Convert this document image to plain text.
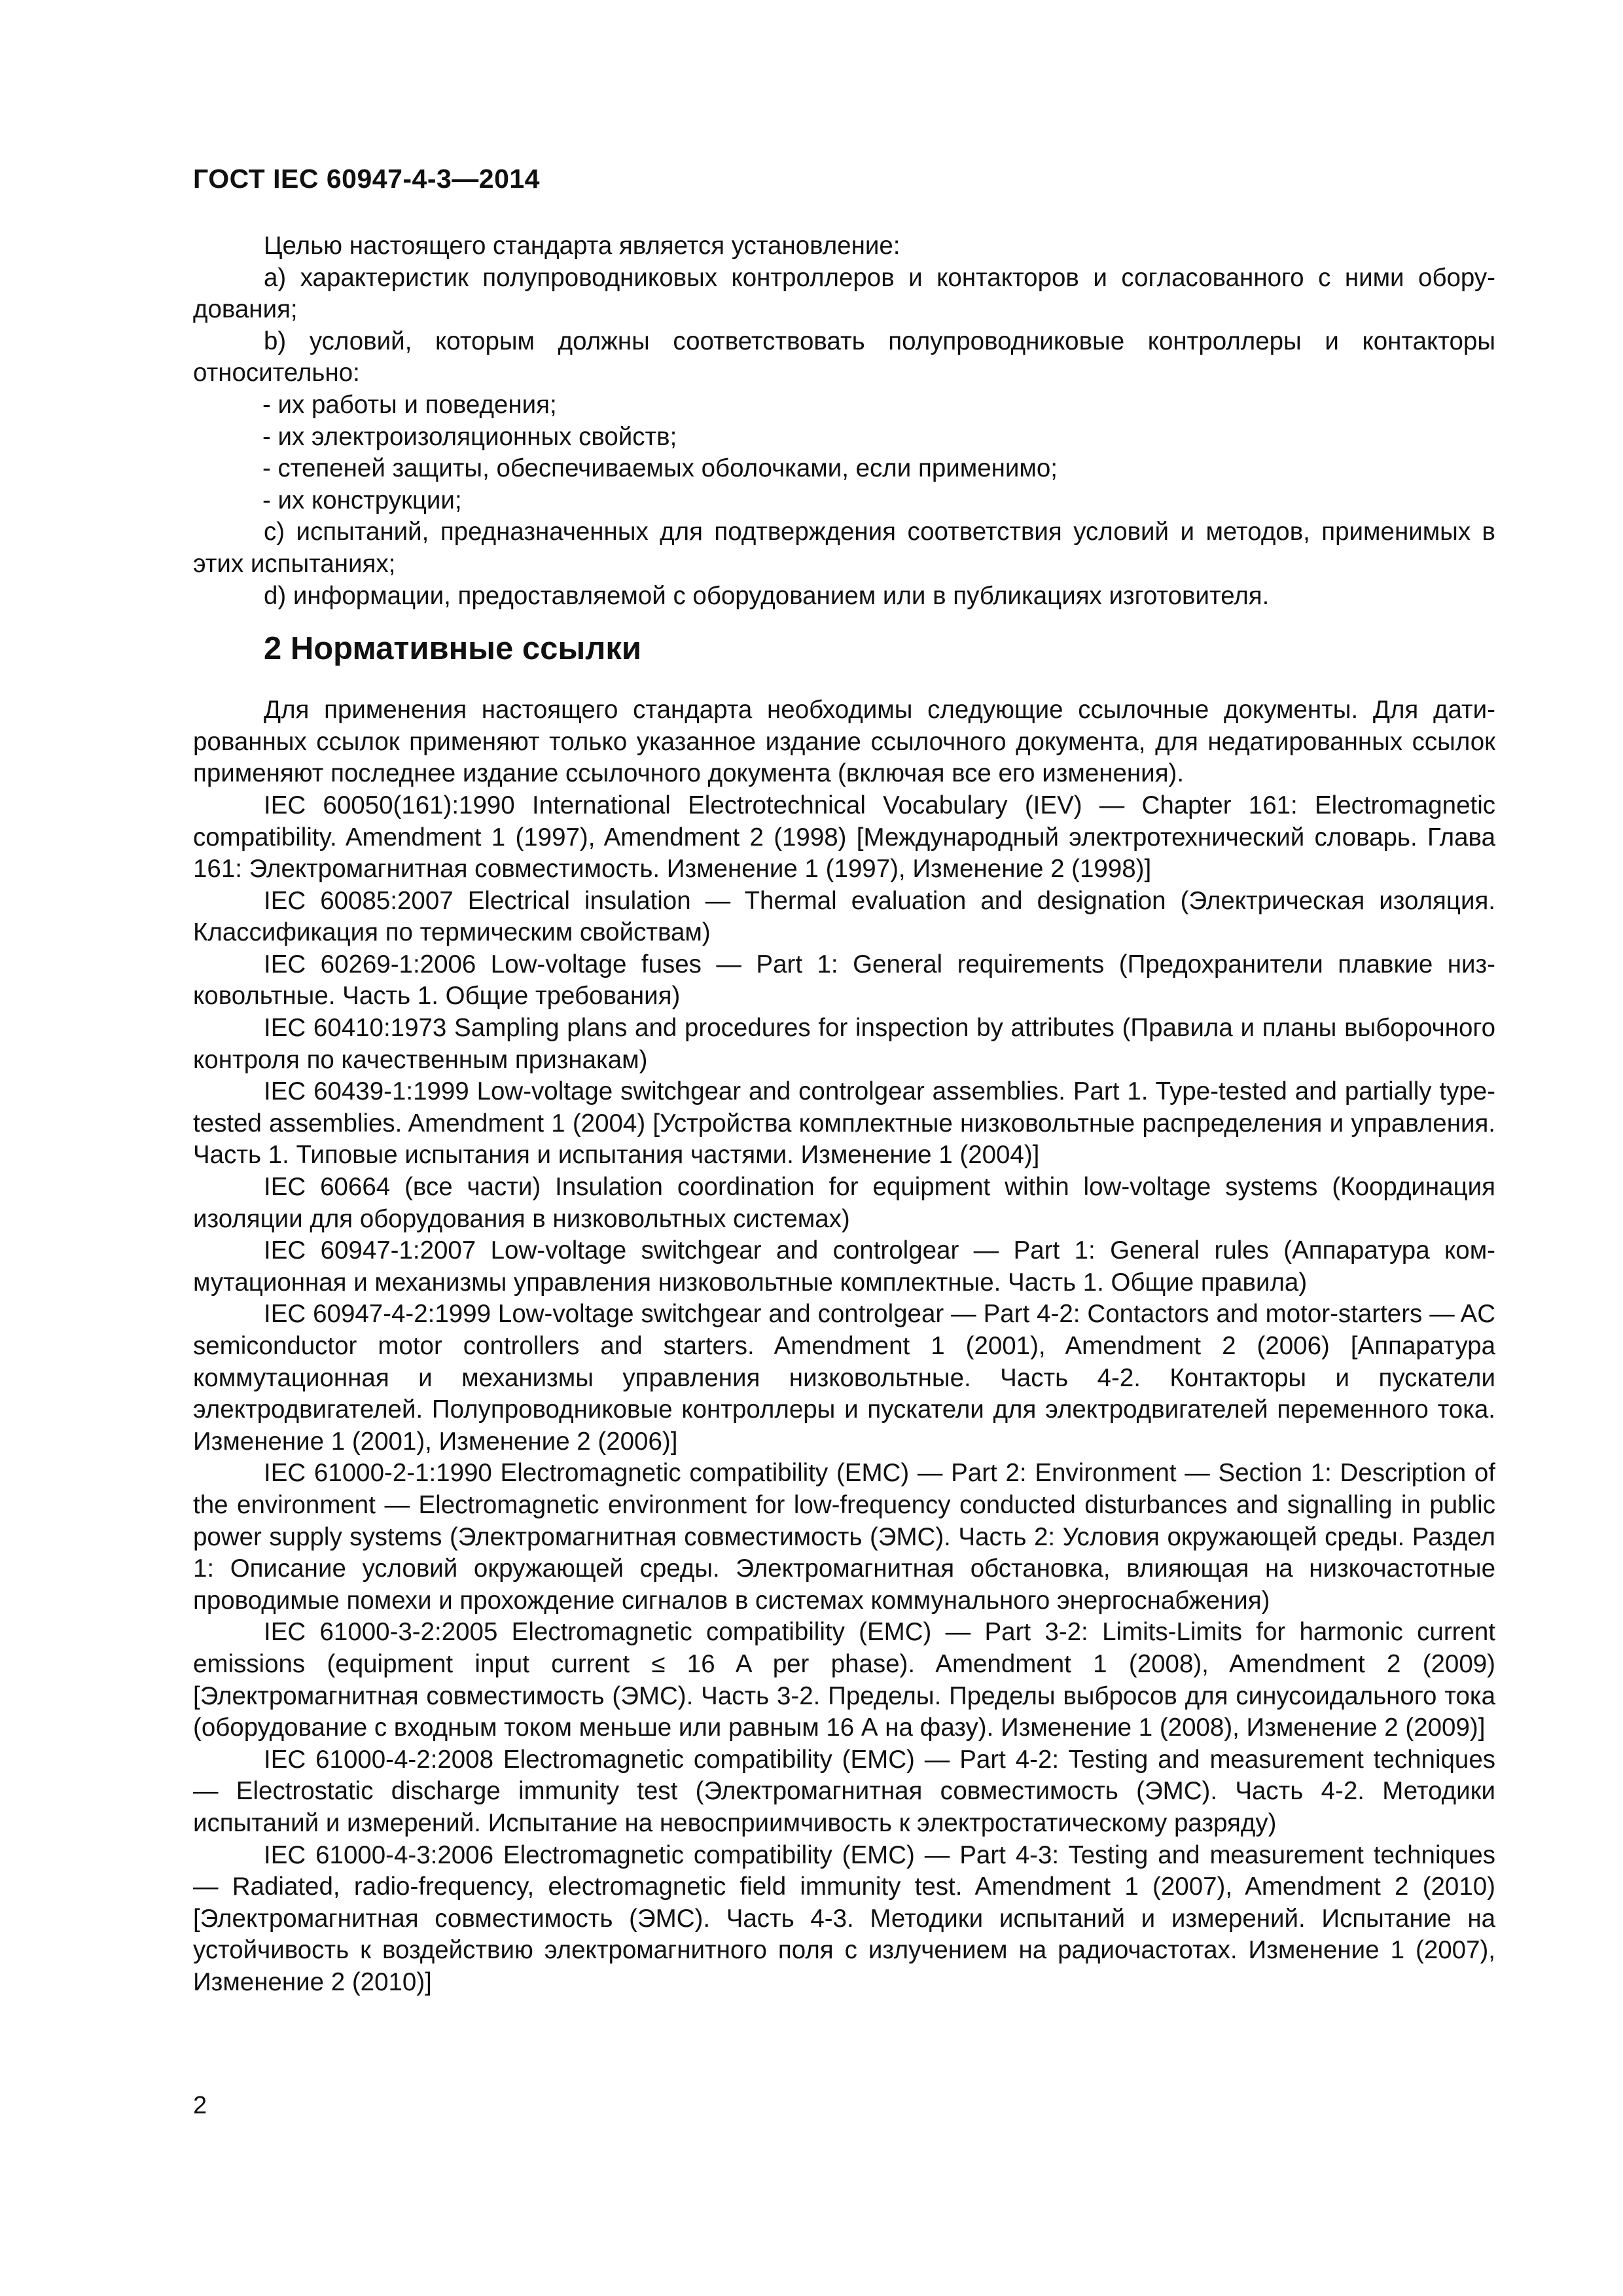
ГОСТ IEC 60947-4-3—2014

Целью настоящего стандарта является установление:

a) характеристик полупроводниковых контроллеров и контакторов и согласованного с ними оборудования;

b) условий, которым должны соответствовать полупроводниковые контроллеры и контакторы относительно:

- их работы и поведения;

- их электроизоляционных свойств;

- степеней защиты, обеспечиваемых оболочками, если применимо;

- их конструкции;

c) испытаний, предназначенных для подтверждения соответствия условий и методов, применимых в этих испытаниях;

d) информации, предоставляемой с оборудованием или в публикациях изготовителя.

2 Нормативные ссылки

Для применения настоящего стандарта необходимы следующие ссылочные документы. Для датированных ссылок применяют только указанное издание ссылочного документа, для недатированных ссылок применяют последнее издание ссылочного документа (включая все его изменения).

IEC 60050(161):1990 International Electrotechnical Vocabulary (IEV) — Chapter 161: Electromagnetic compatibility. Amendment 1 (1997), Amendment 2 (1998) [Международный электротехнический словарь. Глава 161: Электромагнитная совместимость. Изменение 1 (1997), Изменение 2 (1998)]

IEC 60085:2007 Electrical insulation — Thermal evaluation and designation (Электрическая изоляция. Классификация по термическим свойствам)

IEC 60269-1:2006 Low-voltage fuses — Part 1: General requirements (Предохранители плавкие низковольтные. Часть 1. Общие требования)

IEC 60410:1973 Sampling plans and procedures for inspection by attributes (Правила и планы выборочного контроля по качественным признакам)

IEC 60439-1:1999 Low-voltage switchgear and controlgear assemblies. Part 1. Type-tested and partially type-tested assemblies. Amendment 1 (2004) [Устройства комплектные низковольтные распределения и управления. Часть 1. Типовые испытания и испытания частями. Изменение 1 (2004)]

IEC 60664 (все части) Insulation coordination for equipment within low-voltage systems (Координация изоляции для оборудования в низковольтных системах)

IEC 60947-1:2007 Low-voltage switchgear and controlgear — Part 1: General rules (Аппаратура коммутационная и механизмы управления низковольтные комплектные. Часть 1. Общие правила)

IEC 60947-4-2:1999 Low-voltage switchgear and controlgear — Part 4-2: Contactors and motor-starters — AC semiconductor motor controllers and starters. Amendment 1 (2001), Amendment 2 (2006) [Аппаратура коммутационная и механизмы управления низковольтные. Часть 4-2. Контакторы и пускатели электродвигателей. Полупроводниковые контроллеры и пускатели для электродвигателей переменного тока. Изменение 1 (2001), Изменение 2 (2006)]

IEC 61000-2-1:1990 Electromagnetic compatibility (EMC) — Part 2: Environment — Section 1: Description of the environment — Electromagnetic environment for low-frequency conducted disturbances and signalling in public power supply systems (Электромагнитная совместимость (ЭМС). Часть 2: Условия окружающей среды. Раздел 1: Описание условий окружающей среды. Электромагнитная обстановка, влияющая на низкочастотные проводимые помехи и прохождение сигналов в системах коммунального энергоснабжения)

IEC 61000-3-2:2005 Electromagnetic compatibility (EMC) — Part 3-2: Limits-Limits for harmonic current emissions (equipment input current ≤ 16 A per phase). Amendment 1 (2008), Amendment 2 (2009) [Электромагнитная совместимость (ЭМС). Часть 3-2. Пределы. Пределы выбросов для синусоидального тока (оборудование с входным током меньше или равным 16 А на фазу). Изменение 1 (2008), Изменение 2 (2009)]

IEC 61000-4-2:2008 Electromagnetic compatibility (EMC) — Part 4-2: Testing and measurement techniques — Electrostatic discharge immunity test (Электромагнитная совместимость (ЭМС). Часть 4-2. Методики испытаний и измерений. Испытание на невосприимчивость к электростатическому разряду)

IEC 61000-4-3:2006 Electromagnetic compatibility (EMC) — Part 4-3: Testing and measurement techniques — Radiated, radio-frequency, electromagnetic field immunity test. Amendment 1 (2007), Amendment 2 (2010) [Электромагнитная совместимость (ЭМС). Часть 4-3. Методики испытаний и измерений. Испытание на устойчивость к воздействию электромагнитного поля с излучением на радиочастотах. Изменение 1 (2007), Изменение 2 (2010)]

2
